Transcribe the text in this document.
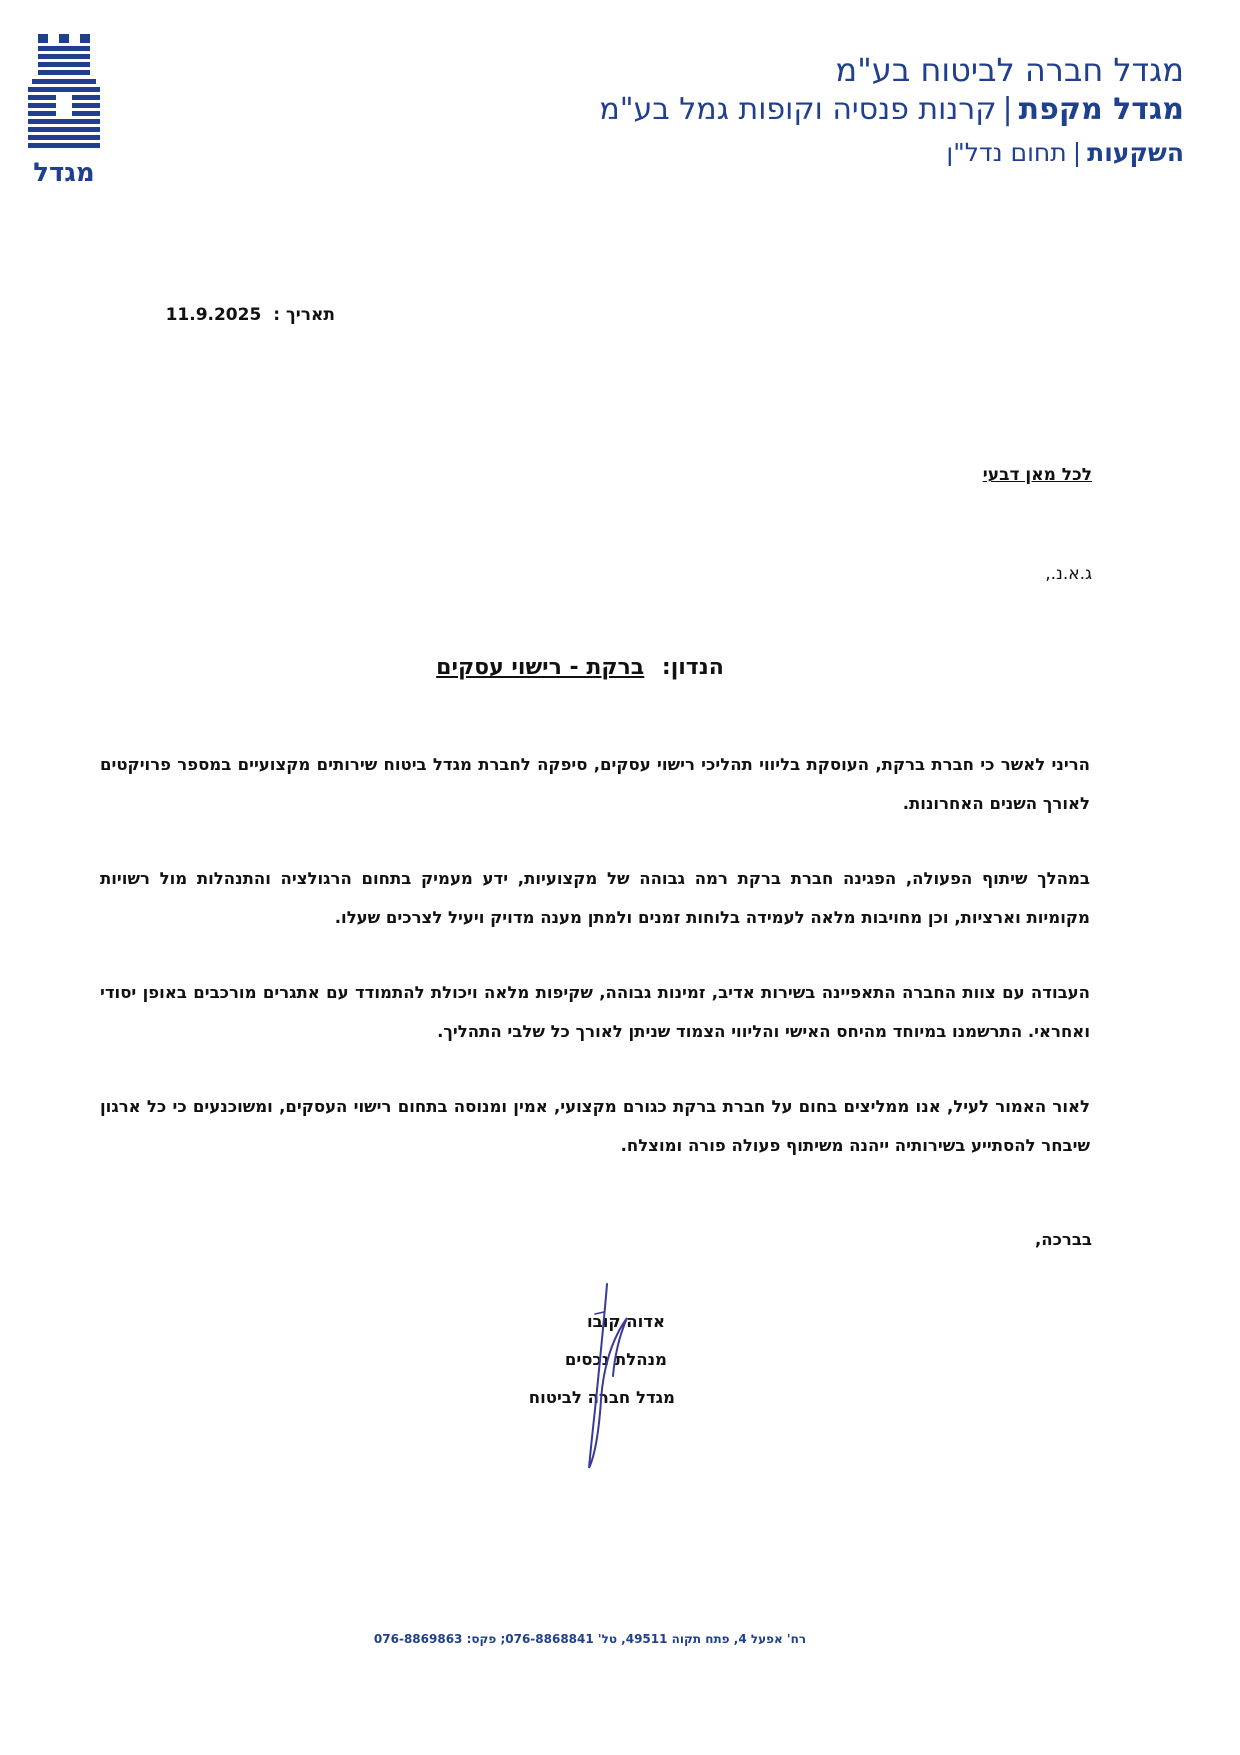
מגדל
מגדל חברה לביטוח בע"מ
מגדל מקפת|קרנות פנסיה וקופות גמל בע"מ
השקעות|תחום נדל"ן
תאריך : 11.9.2025
לכל מאן דבעי
ג.א.נ.,
הנדון: ברקת - רישוי עסקים

הריני לאשר כי חברת ברקת, העוסקת בליווי תהליכי רישוי עסקים, סיפקה לחברת מגדל ביטוח שירותים מקצועיים במספר פרויקטים לאורך השנים האחרונות.

במהלך שיתוף הפעולה, הפגינה חברת ברקת רמה גבוהה של מקצועיות, ידע מעמיק בתחום הרגולציה והתנהלות מול רשויות מקומיות וארציות, וכן מחויבות מלאה לעמידה בלוחות זמנים ולמתן מענה מדויק ויעיל לצרכים שעלו.

העבודה עם צוות החברה התאפיינה בשירות אדיב, זמינות גבוהה, שקיפות מלאה ויכולת להתמודד עם אתגרים מורכבים באופן יסודי ואחראי. התרשמנו במיוחד מהיחס האישי והליווי הצמוד שניתן לאורך כל שלבי התהליך.

לאור האמור לעיל, אנו ממליצים בחום על חברת ברקת כגורם מקצועי, אמין ומנוסה בתחום רישוי העסקים, ומשוכנעים כי כל ארגון שיבחר להסתייע בשירותיה ייהנה משיתוף פעולה פורה ומוצלח.

בברכה,
אדוה קובו
מנהלת נכסים
מגדל חברה לביטוח
רח' אפעל 4, פתח תקוה 49511, טל' 076-8868841; פקס: 076-8869863
